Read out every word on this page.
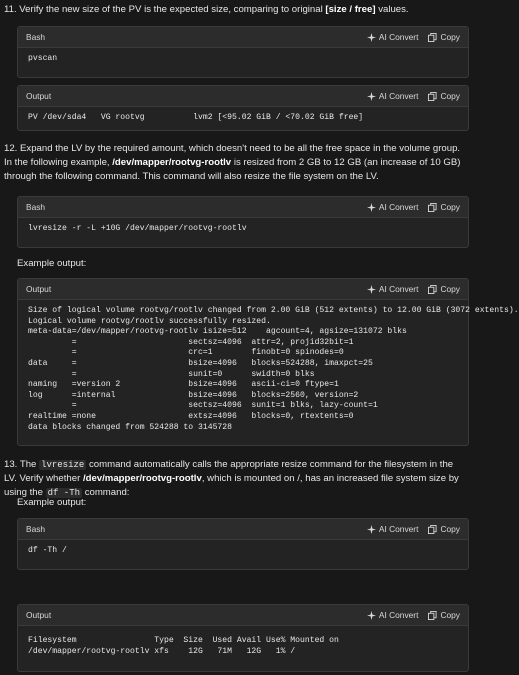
11. Verify the new size of the PV is the expected size, comparing to original [size / free] values.

Bash	AI Convert	Copy
pvscan
Output	AI Convert	Copy
PV /dev/sda4   VG rootvg          lvm2 [<95.02 GiB / <70.02 GiB free]

12. Expand the LV by the required amount, which doesn't need to be all the free space in the volume group. In the following example, /dev/mapper/rootvg-rootlv is resized from 2 GB to 12 GB (an increase of 10 GB) through the following command. This command will also resize the file system on the LV.

Bash	AI Convert	Copy
lvresize -r -L +10G /dev/mapper/rootvg-rootlv

Example output:

Output	AI Convert	Copy
Size of logical volume rootvg/rootlv changed from 2.00 GiB (512 extents) to 12.00 GiB (3072 extents).
Logical volume rootvg/rootlv successfully resized.
meta-data=/dev/mapper/rootvg-rootlv isize=512    agcount=4, agsize=131072 blks
=                       sectsz=4096  attr=2, projid32bit=1
=                       crc=1        finobt=0 spinodes=0
data     =                       bsize=4096   blocks=524288, imaxpct=25
=                       sunit=0      swidth=0 blks
naming   =version 2              bsize=4096   ascii-ci=0 ftype=1
log      =internal               bsize=4096   blocks=2560, version=2
=                       sectsz=4096  sunit=1 blks, lazy-count=1
realtime =none                   extsz=4096   blocks=0, rtextents=0
data blocks changed from 524288 to 3145728

13. The lvresize command automatically calls the appropriate resize command for the filesystem in the LV. Verify whether /dev/mapper/rootvg-rootlv, which is mounted on /, has an increased file system size by using the df -Th command:

Example output:

Bash	AI Convert	Copy
df -Th /
Output	AI Convert	Copy
Filesystem                Type  Size  Used Avail Use% Mounted on
/dev/mapper/rootvg-rootlv xfs    12G   71M   12G   1% /
